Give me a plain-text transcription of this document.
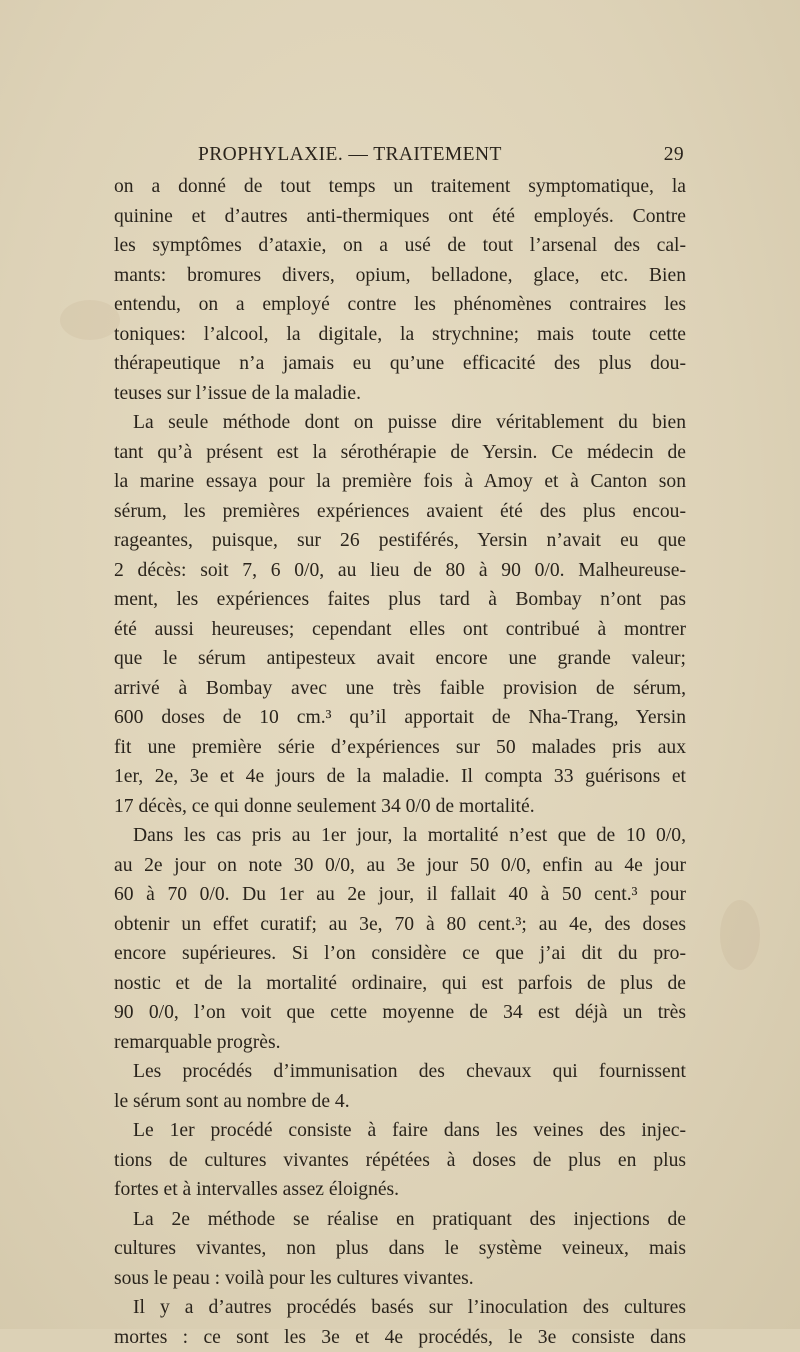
PROPHYLAXIE. — TRAITEMENT	29
on a donné de tout temps un traitement symptomatique, la
quinine et d’autres anti-thermiques ont été employés. Contre
les symptômes d’ataxie, on a usé de tout l’arsenal des cal-
mants: bromures divers, opium, belladone, glace, etc. Bien
entendu, on a employé contre les phénomènes contraires les
toniques: l’alcool, la digitale, la strychnine; mais toute cette
thérapeutique n’a jamais eu qu’une efficacité des plus dou-
teuses sur l’issue de la maladie.
La seule méthode dont on puisse dire véritablement du bien
tant qu’à présent est la sérothérapie de Yersin. Ce médecin de
la marine essaya pour la première fois à Amoy et à Canton son
sérum, les premières expériences avaient été des plus encou-
rageantes, puisque, sur 26 pestiférés, Yersin n’avait eu que
2 décès: soit 7, 6 0/0, au lieu de 80 à 90 0/0. Malheureuse-
ment, les expériences faites plus tard à Bombay n’ont pas
été aussi heureuses; cependant elles ont contribué à montrer
que le sérum antipesteux avait encore une grande valeur;
arrivé à Bombay avec une très faible provision de sérum,
600 doses de 10 cm.³ qu’il apportait de Nha-Trang, Yersin
fit une première série d’expériences sur 50 malades pris aux
1er, 2e, 3e et 4e jours de la maladie. Il compta 33 guérisons et
17 décès, ce qui donne seulement 34 0/0 de mortalité.
Dans les cas pris au 1er jour, la mortalité n’est que de 10 0/0,
au 2e jour on note 30 0/0, au 3e jour 50 0/0, enfin au 4e jour
60 à 70 0/0. Du 1er au 2e jour, il fallait 40 à 50 cent.³ pour
obtenir un effet curatif; au 3e, 70 à 80 cent.³; au 4e, des doses
encore supérieures. Si l’on considère ce que j’ai dit du pro-
nostic et de la mortalité ordinaire, qui est parfois de plus de
90 0/0, l’on voit que cette moyenne de 34 est déjà un très
remarquable progrès.
Les procédés d’immunisation des chevaux qui fournissent
le sérum sont au nombre de 4.
Le 1er procédé consiste à faire dans les veines des injec-
tions de cultures vivantes répétées à doses de plus en plus
fortes et à intervalles assez éloignés.
La 2e méthode se réalise en pratiquant des injections de
cultures vivantes, non plus dans le système veineux, mais
sous le peau : voilà pour les cultures vivantes.
Il y a d’autres procédés basés sur l’inoculation des cultures
mortes : ce sont les 3e et 4e procédés, le 3e consiste dans
